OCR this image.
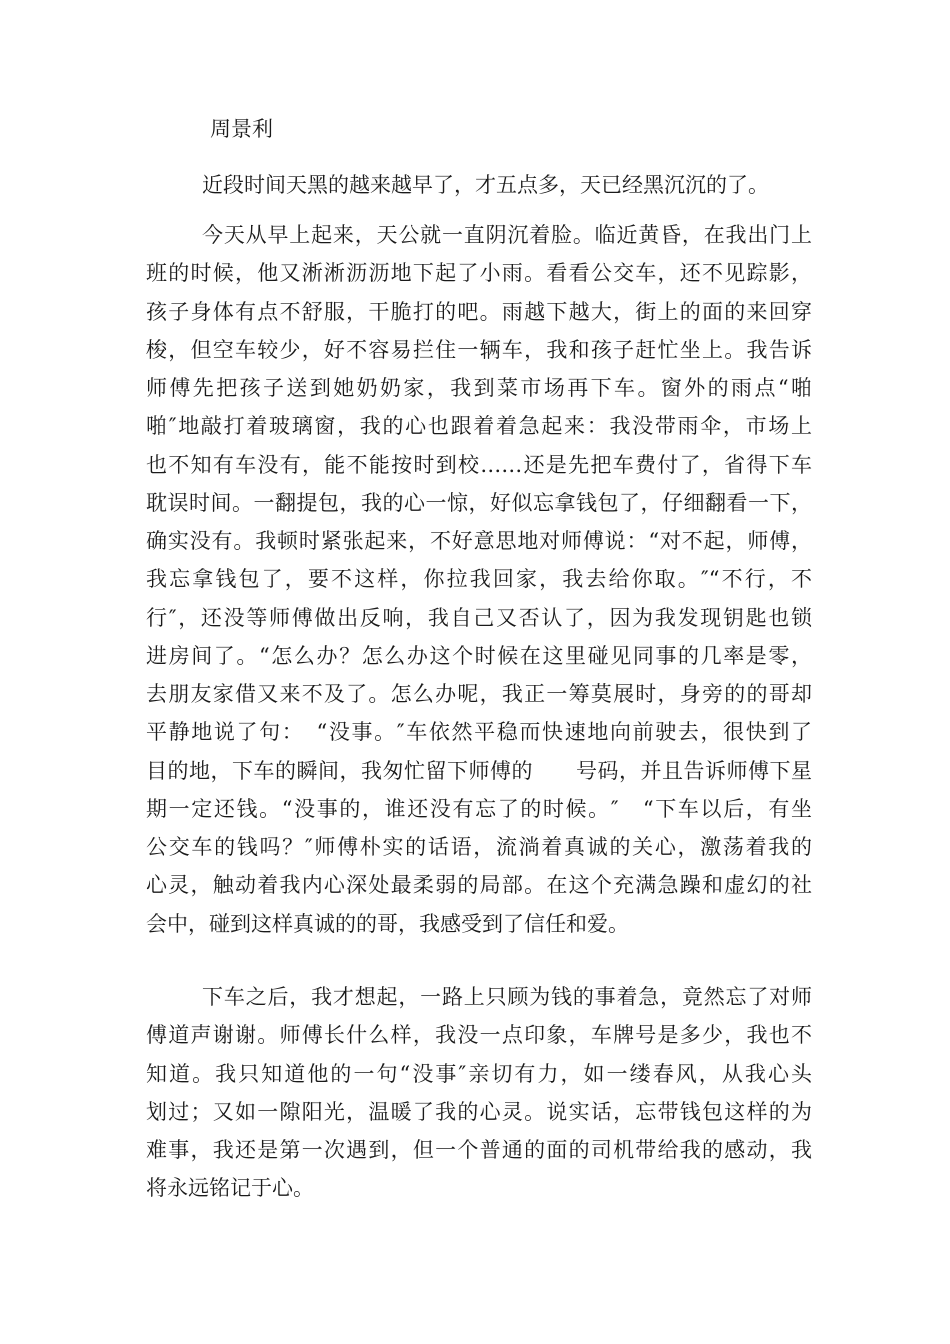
周景利
近段时间天黑的越来越早了，才五点多，天已经黑沉沉的了。
今天从早上起来，天公就一直阴沉着脸。临近黄昏，在我出门上
班的时候，他又淅淅沥沥地下起了小雨。看看公交车，还不见踪影，
孩子身体有点不舒服，干脆打的吧。雨越下越大，街上的面的来回穿
梭，但空车较少，好不容易拦住一辆车，我和孩子赶忙坐上。我告诉
师傅先把孩子送到她奶奶家，我到菜市场再下车。窗外的雨点“啪
啪″地敲打着玻璃窗，我的心也跟着着急起来：我没带雨伞，市场上
也不知有车没有，能不能按时到校……还是先把车费付了，省得下车
耽误时间。一翻提包，我的心一惊，好似忘拿钱包了，仔细翻看一下，
确实没有。我顿时紧张起来，不好意思地对师傅说：“对不起，师傅，
我忘拿钱包了，要不这样，你拉我回家，我去给你取。″“不行，不
行″，还没等师傅做出反响，我自己又否认了，因为我发现钥匙也锁
进房间了。“怎么办？怎么办这个时候在这里碰见同事的几率是零，
去朋友家借又来不及了。怎么办呢，我正一筹莫展时，身旁的的哥却
平静地说了句：　“没事。″车依然平稳而快速地向前驶去，很快到了
目的地，下车的瞬间，我匆忙留下师傅的　　号码，并且告诉师傅下星
期一定还钱。“没事的，谁还没有忘了的时候。″　“下车以后，有坐
公交车的钱吗？″师傅朴实的话语，流淌着真诚的关心，激荡着我的
心灵，触动着我内心深处最柔弱的局部。在这个充满急躁和虚幻的社
会中，碰到这样真诚的的哥，我感受到了信任和爱。
下车之后，我才想起，一路上只顾为钱的事着急，竟然忘了对师
傅道声谢谢。师傅长什么样，我没一点印象，车牌号是多少，我也不
知道。我只知道他的一句“没事″亲切有力，如一缕春风，从我心头
划过；又如一隙阳光，温暖了我的心灵。说实话，忘带钱包这样的为
难事，我还是第一次遇到，但一个普通的面的司机带给我的感动，我
将永远铭记于心。
